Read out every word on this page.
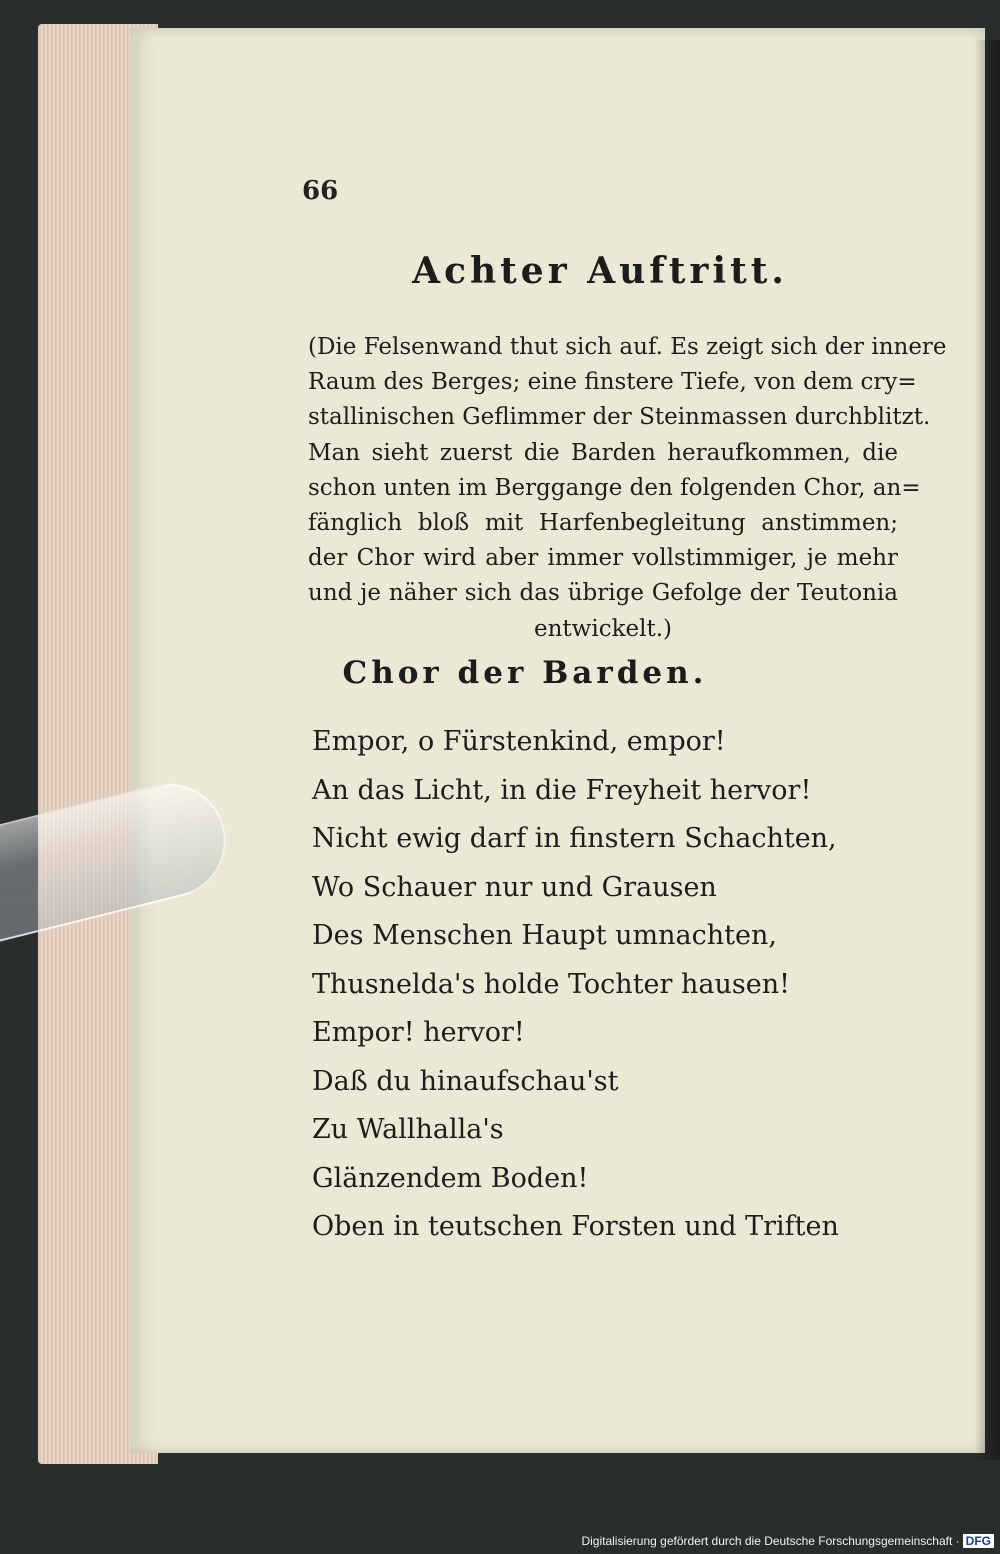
66
Achter Auftritt.
(Die Felsenwand thut sich auf. Es zeigt sich der innere
Raum des Berges; eine finstere Tiefe, von dem cry=
stallinischen Geflimmer der Steinmassen durchblitzt.
Man sieht zuerst die Barden heraufkommen, die
schon unten im Berggange den folgenden Chor, an=
fänglich bloß mit Harfenbegleitung anstimmen;
der Chor wird aber immer vollstimmiger, je mehr
und je näher sich das übrige Gefolge der Teutonia
entwickelt.)
Chor der Barden.
Empor, o Fürstenkind, empor!
An das Licht, in die Freyheit hervor!
Nicht ewig darf in finstern Schachten,
Wo Schauer nur und Grausen
Des Menschen Haupt umnachten,
Thusnelda's holde Tochter hausen!
Empor! hervor!
Daß du hinaufschau'st
Zu Wallhalla's
Glänzendem Boden!
Oben in teutschen Forsten und Triften
Digitalisierung gefördert durch die Deutsche Forschungsgemeinschaft · DFG
